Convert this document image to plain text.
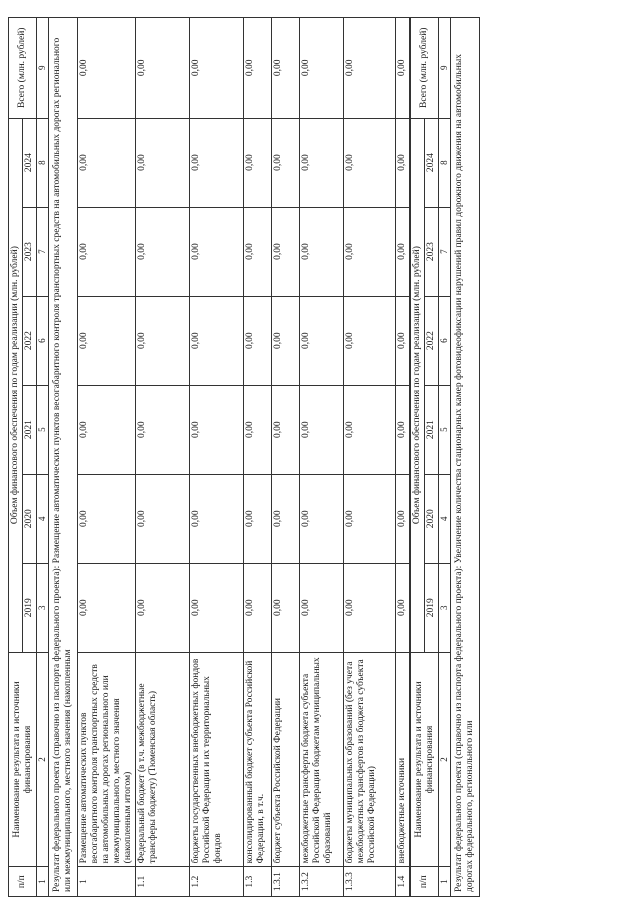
п/п	Наименование результата и источники финансирования	Объем финансового обеспечения по годам реализации (млн. рублей)						Всего (млн. рублей)
		2019	2020	2021	2022	2023	2024	
1	2	3	4	5	6	7	8	9
Результат федерального проекта (справочно из паспорта федерального проекта): Размещение автоматических пунктов весогабаритного контроля транспортных средств на автомобильных дорогах регионального или межмуниципального, местного значения (накопленным								
1	Размещение автоматических пунктов весогабаритного контроля транспортных средств на автомобильных дорогах регионального или межмуниципального, местного значения (накопленным итогом)	0,00	0,00	0,00	0,00	0,00	0,00	0,00
1.1	Федеральный бюджет (в т.ч. межбюджетные трансферы бюджету) (Тюменская область)	0,00	0,00	0,00	0,00	0,00	0,00	0,00
1.2	бюджеты государственных внебюджетных фондов Российской Федерации и их территориальных фондов	0,00	0,00	0,00	0,00	0,00	0,00	0,00
1.3	консолидированный бюджет субъекта Российской Федерации, в т.ч.	0,00	0,00	0,00	0,00	0,00	0,00	0,00
1.3.1	бюджет субъекта Российской Федерации	0,00	0,00	0,00	0,00	0,00	0,00	0,00
1.3.2	межбюджетные трансферты бюджета субъекта Российской Федерации бюджетам муниципальных образований	0,00	0,00	0,00	0,00	0,00	0,00	0,00
1.3.3	бюджеты муниципальных образований (без учета межбюджетных трансфертов из бюджета субъекта Российской Федерации)	0,00	0,00	0,00	0,00	0,00	0,00	0,00
1.4	внебюджетные источники	0,00	0,00	0,00	0,00	0,00	0,00	0,00
п/п	Наименование результата и источники финансирования	Объем финансового обеспечения по годам реализации (млн. рублей)						Всего (млн. рублей)
		2019	2020	2021	2022	2023	2024	
1	2	3	4	5	6	7	8	9
Результат федерального проекта (справочно из паспорта федерального проекта): Увеличение количества стационарных камер фотовидеофиксации нарушений правил дорожного движения на автомобильных дорогах федерального, регионального или								
